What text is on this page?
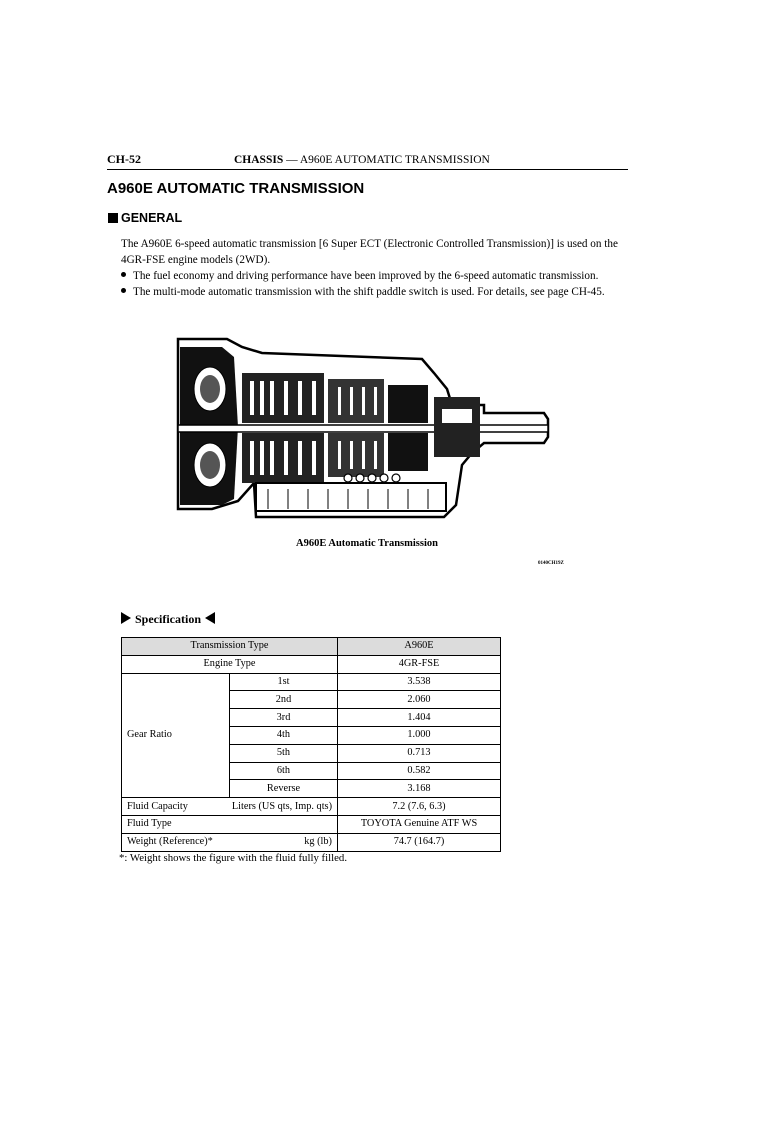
CH-52	CHASSIS — A960E AUTOMATIC TRANSMISSION
A960E AUTOMATIC TRANSMISSION
GENERAL
The A960E 6-speed automatic transmission [6 Super ECT (Electronic Controlled Transmission)] is used on the 4GR-FSE engine models (2WD).
The fuel economy and driving performance have been improved by the 6-speed automatic transmission.
The multi-mode automatic transmission with the shift paddle switch is used. For details, see page CH-45.
A960E Automatic Transmission
0140CH19Z
Specification
Transmission Type		A960E
Engine Type		4GR-FSE
Gear Ratio	1st	3.538
	2nd	2.060
	3rd	1.404
	4th	1.000
	5th	0.713
	6th	0.582
	Reverse	3.168

Fluid Capacity Liters (US qts, Imp. qts)		7.2 (7.6, 6.3)
Fluid Type		TOYOTA Genuine ATF WS

Weight (Reference)* kg (lb)		74.7 (164.7)
*: Weight shows the figure with the fluid fully filled.
